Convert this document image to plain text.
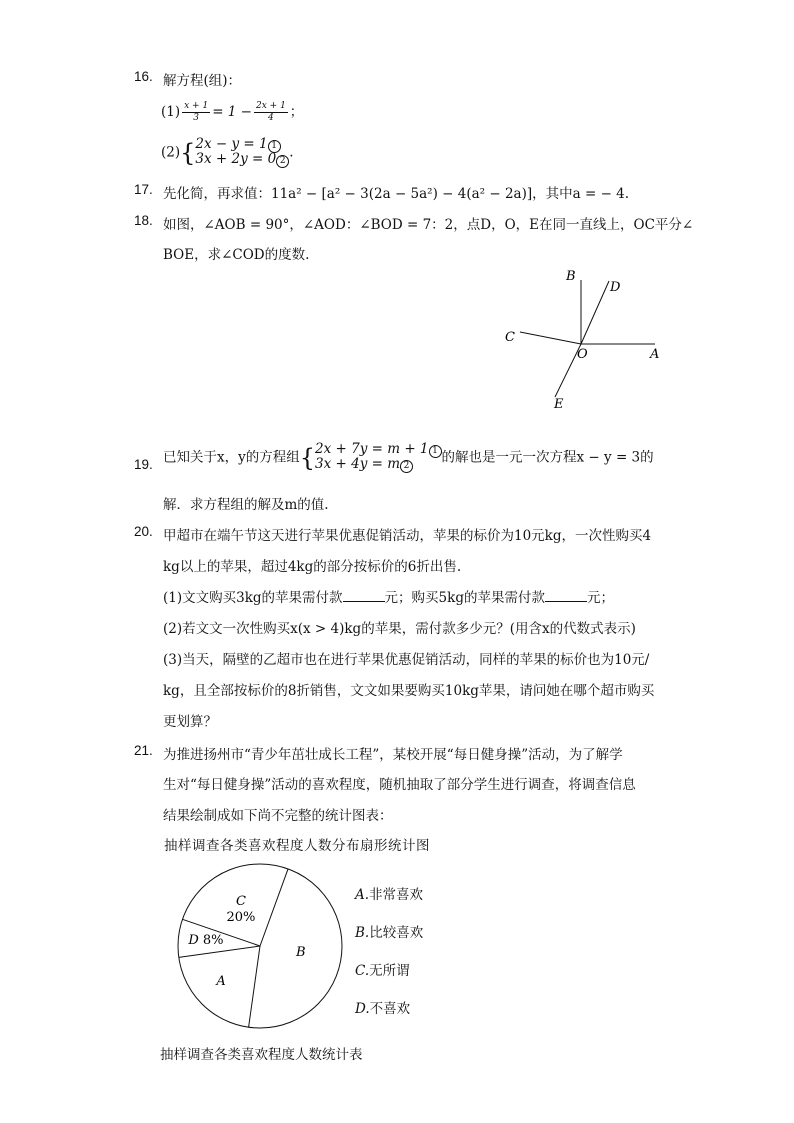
16. 解方程(组)：
$(1) \frac{x + 1}{3} = 1 - \frac{2x + 1}{4}$ ；
(2){2x − y = 1 1
3x + 2y = 0 2.
17. 先化简，再求值：11a² − [a² − 3(2a − 5a²) − 4(a² − 2a)]，其中a = − 4.
18. 如图，∠AOB = 90°，∠AOD：∠BOD = 7：2，点D，O，E在同一直线上，OC平分∠
BOE，求∠COD的度数.
B
D
C
O	A
E
19. 已知关于x，y的方程组{2x + 7y = m + 1 1
3x + 4y = m 2的解也是一元一次方程x − y = 3的
解．求方程组的解及m的值.
20. 甲超市在端午节这天进行苹果优惠促销活动，苹果的标价为10元kg，一次性购买4
kg以上的苹果，超过4kg的部分按标价的6折出售.
(1)文文购买3kg的苹果需付款	元；购买5kg的苹果需付款	元；
(2)若文文一次性购买x(x > 4)kg的苹果，需付款多少元？(用含x的代数式表示)
(3)当天，隔壁的乙超市也在进行苹果优惠促销活动，同样的苹果的标价也为10元/
kg，且全部按标价的8折销售，文文如果要购买10kg苹果，请问她在哪个超市购买
更划算？
21. 为推进扬州市“青少年茁壮成长工程”，某校开展“每日健身操”活动，为了解学
生对“每日健身操”活动的喜欢程度，随机抽取了部分学生进行调查，将调查信息
结果绘制成如下尚不完整的统计图表：
抽样调查各类喜欢程度人数分布扇形统计图
C
20%
D 8%
A
B
A.非常喜欢
B.比较喜欢
C.无所谓
D.不喜欢
抽样调查各类喜欢程度人数统计表
